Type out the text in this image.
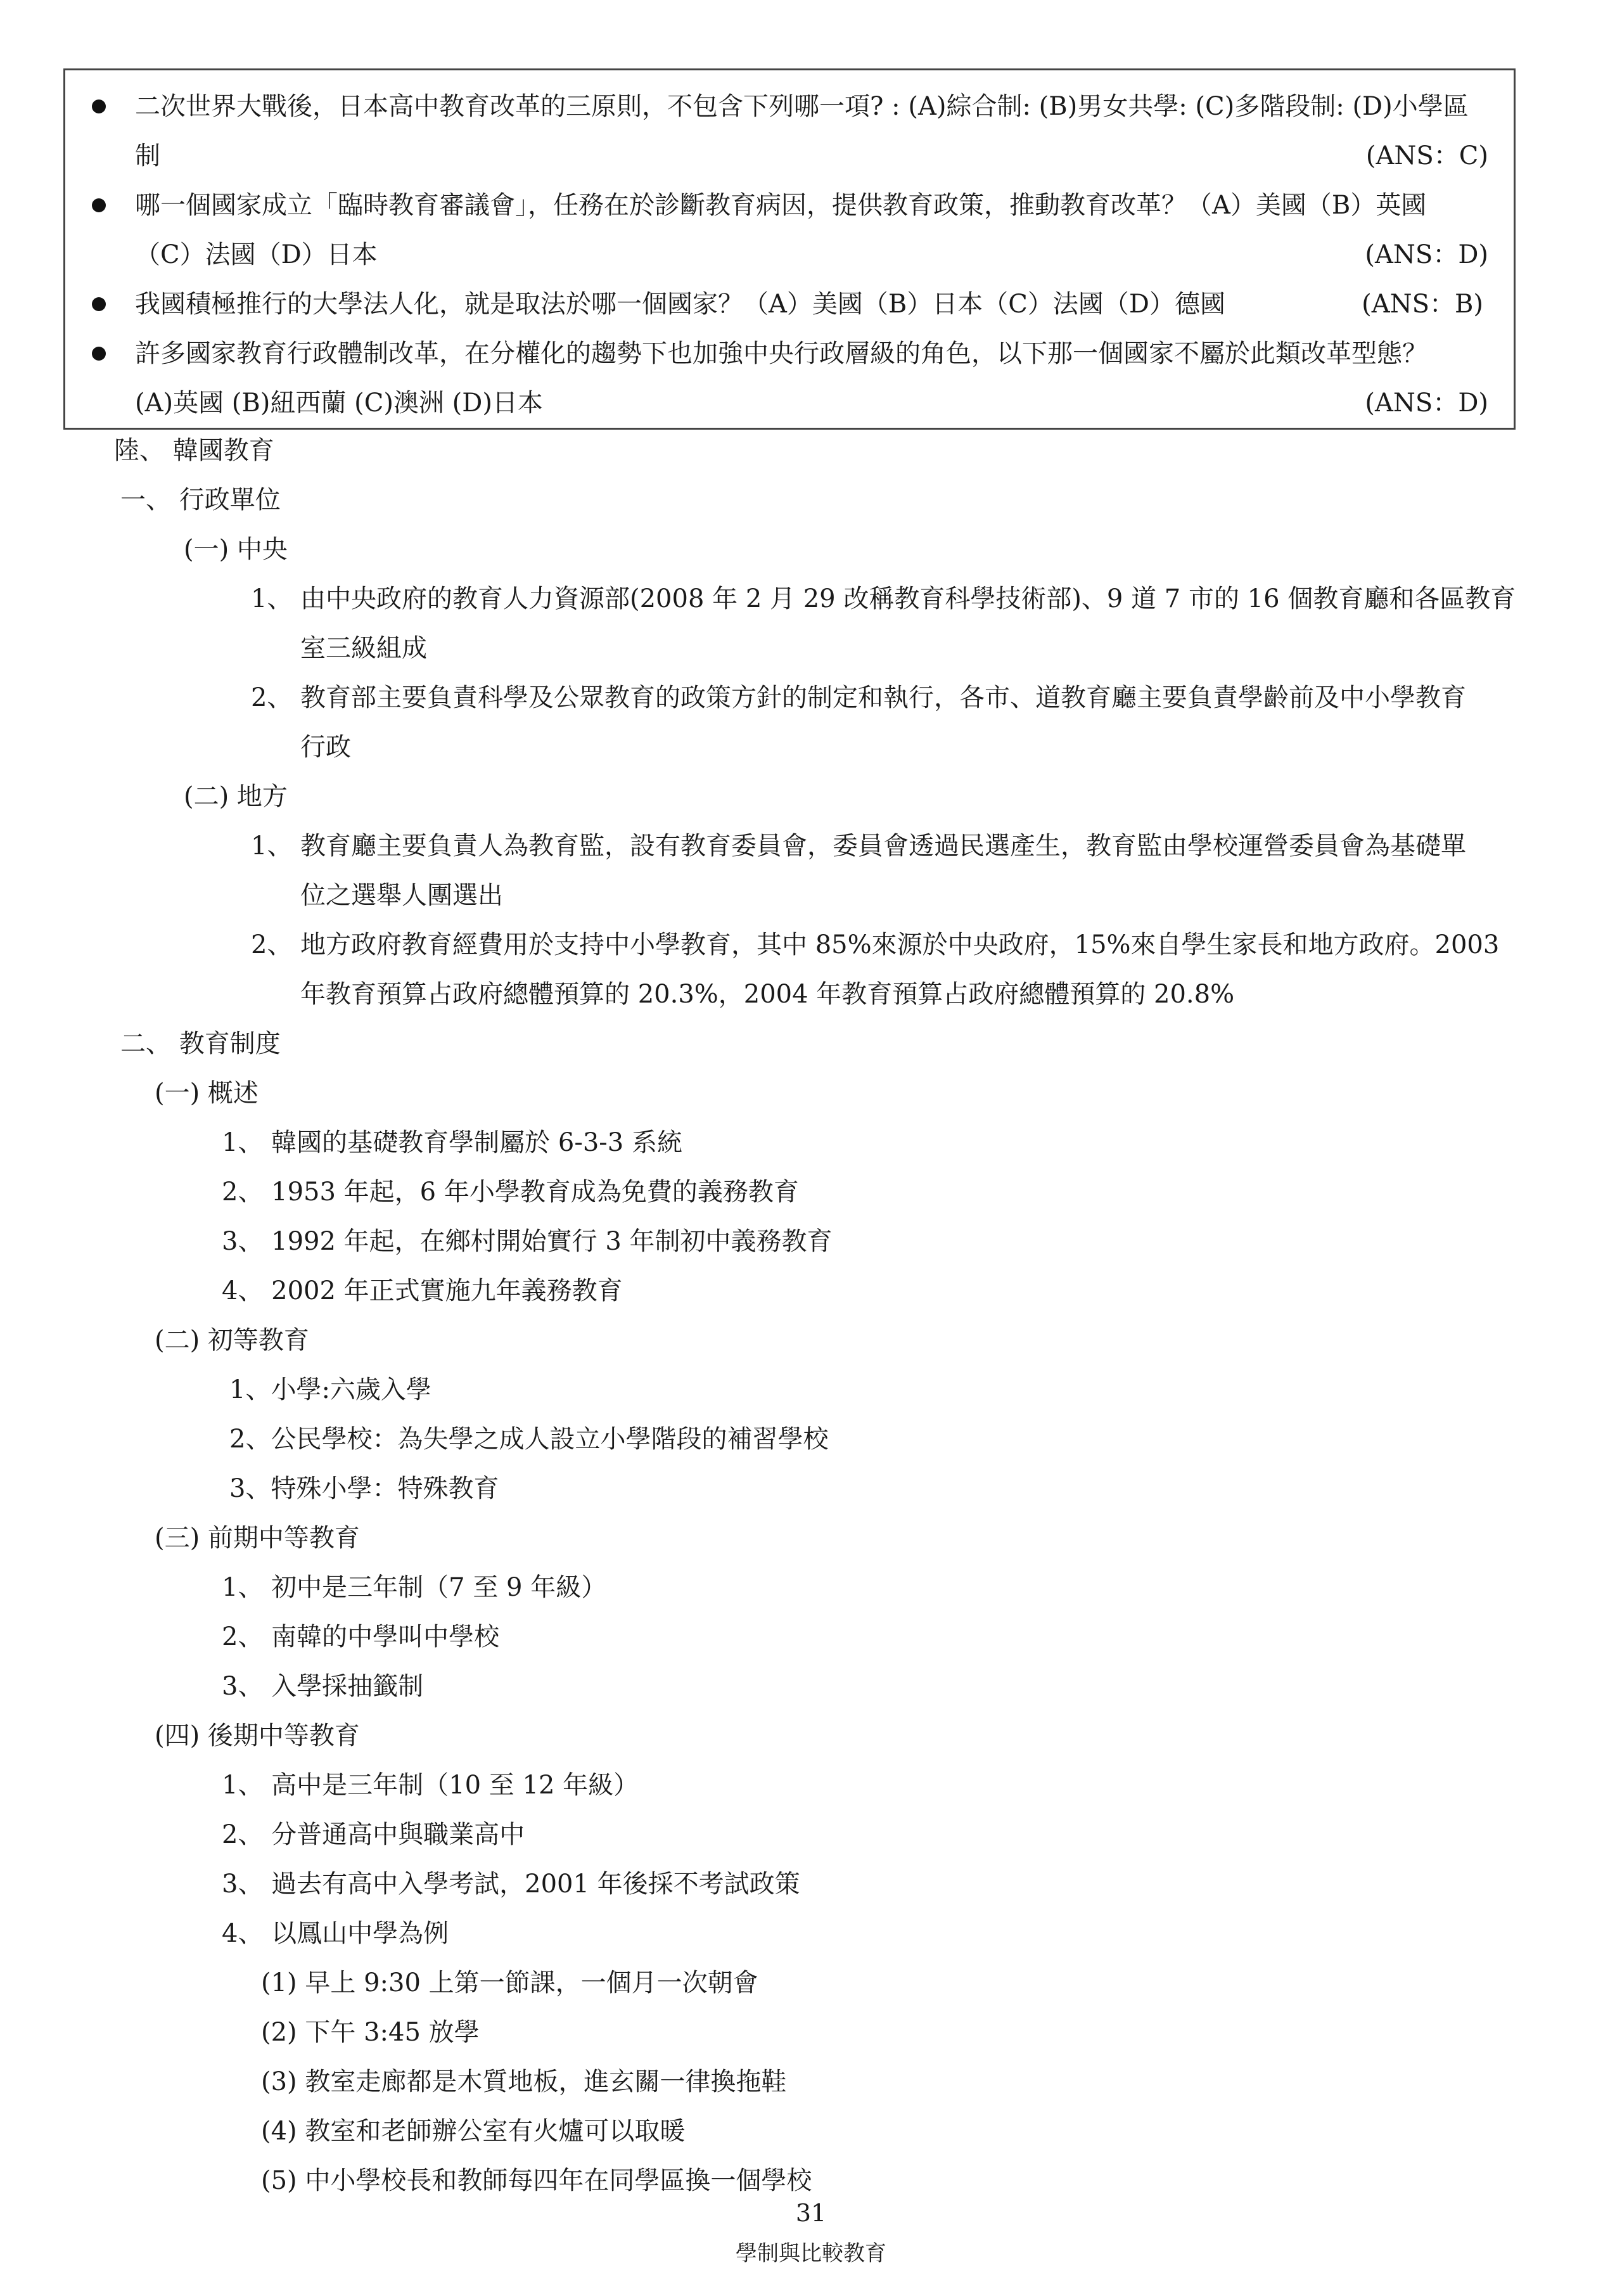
二次世界大戰後，日本高中教育改革的三原則，不包含下列哪一項? : (A)綜合制: (B)男女共學: (C)多階段制: (D)小學區
制	(ANS：C)
哪一個國家成立「臨時教育審議會」，任務在於診斷教育病因，提供教育政策，推動教育改革？（A）美國（B）英國
（C）法國（D）日本	(ANS：D)
我國積極推行的大學法人化，就是取法於哪一個國家？（A）美國（B）日本（C）法國（D）德國	(ANS：B)
許多國家教育行政體制改革，在分權化的趨勢下也加強中央行政層級的角色，以下那一個國家不屬於此類改革型態？
(A)英國 (B)紐西蘭 (C)澳洲 (D)日本	(ANS：D)
陸、 韓國教育
一、 行政單位
(一) 中央
1、 由中央政府的教育人力資源部(2008 年 2 月 29 改稱教育科學技術部)、9 道 7 市的 16 個教育廳和各區教育
室三級組成
2、 教育部主要負責科學及公眾教育的政策方針的制定和執行，各市、道教育廳主要負責學齡前及中小學教育
行政
(二) 地方
1、 教育廳主要負責人為教育監，設有教育委員會，委員會透過民選產生，教育監由學校運營委員會為基礎單
位之選舉人團選出
2、 地方政府教育經費用於支持中小學教育，其中 85%來源於中央政府，15%來自學生家長和地方政府。2003
年教育預算占政府總體預算的 20.3%，2004 年教育預算占政府總體預算的 20.8%
二、 教育制度
(一) 概述
1、 韓國的基礎教育學制屬於 6-3-3 系統
2、 1953 年起，6 年小學教育成為免費的義務教育
3、 1992 年起，在鄉村開始實行 3 年制初中義務教育
4、 2002 年正式實施九年義務教育
(二) 初等教育
1、小學:六歲入學
2、公民學校：為失學之成人設立小學階段的補習學校
3、特殊小學：特殊教育
(三) 前期中等教育
1、 初中是三年制（7 至 9 年級）
2、 南韓的中學叫中學校
3、 入學採抽籤制
(四) 後期中等教育
1、 高中是三年制（10 至 12 年級）
2、 分普通高中與職業高中
3、 過去有高中入學考試，2001 年後採不考試政策
4、 以鳳山中學為例
(1) 早上 9:30 上第一節課，一個月一次朝會
(2) 下午 3:45 放學
(3) 教室走廊都是木質地板，進玄關一律換拖鞋
(4) 教室和老師辦公室有火爐可以取暖
(5) 中小學校長和教師每四年在同學區換一個學校
31
學制與比較教育
